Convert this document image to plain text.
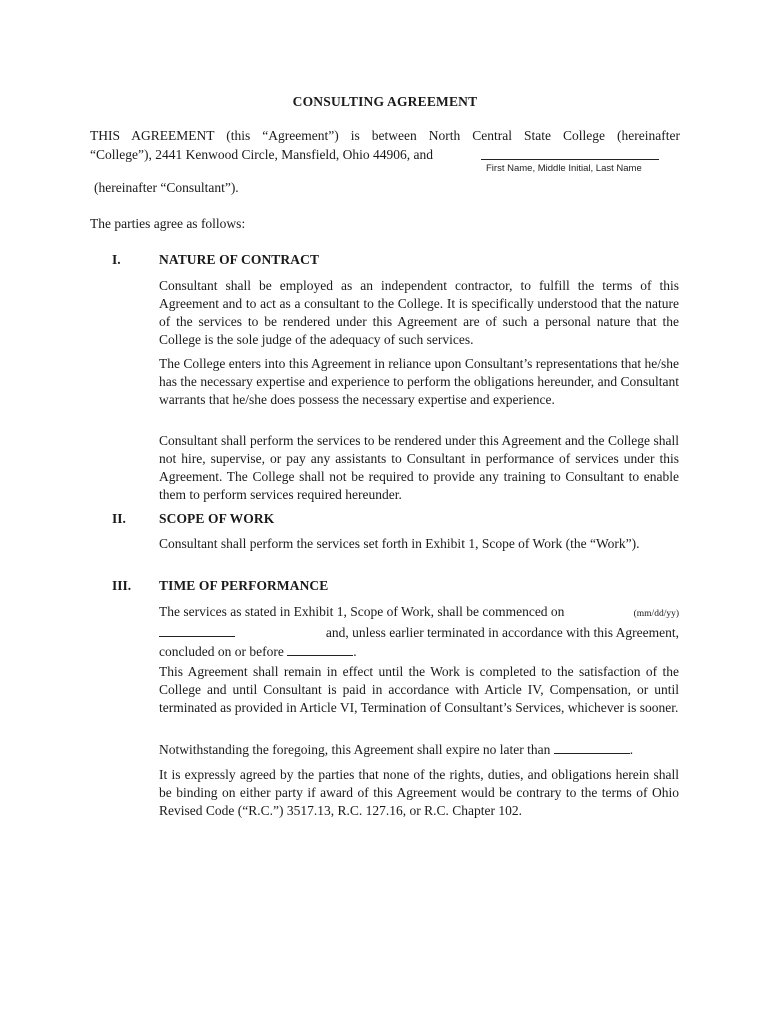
CONSULTING AGREEMENT
THIS AGREEMENT (this “Agreement”) is between North Central State College (hereinafter
“College”), 2441 Kenwood Circle, Mansfield, Ohio 44906, and
First Name, Middle Initial, Last Name
(hereinafter “Consultant”).
The parties agree as follows:
I.	NATURE OF CONTRACT

Consultant shall be employed as an independent contractor, to fulfill the terms of this Agreement and to act as a consultant to the College. It is specifically understood that the nature of the services to be rendered under this Agreement are of such a personal nature that the College is the sole judge of the adequacy of such services.

The College enters into this Agreement in reliance upon Consultant’s representations that he/she has the necessary expertise and experience to perform the obligations hereunder, and Consultant warrants that he/she does possess the necessary expertise and experience.

Consultant shall perform the services to be rendered under this Agreement and the College shall not hire, supervise, or pay any assistants to Consultant in performance of services under this Agreement. The College shall not be required to provide any training to Consultant to enable them to perform services required hereunder.

II. SCOPE OF WORK

Consultant shall perform the services set forth in Exhibit 1, Scope of Work (the “Work”).

III. TIME OF PERFORMANCE
The services as stated in Exhibit 1, Scope of Work, shall be commenced on	(mm/dd/yy)
and, unless earlier terminated in accordance with this Agreement,
concluded on or before	.

This Agreement shall remain in effect until the Work is completed to the satisfaction of the College and until Consultant is paid in accordance with Article IV, Compensation, or until terminated as provided in Article VI, Termination of Consultant’s Services, whichever is sooner.

Notwithstanding the foregoing, this Agreement shall expire no later than	.

It is expressly agreed by the parties that none of the rights, duties, and obligations herein shall be binding on either party if award of this Agreement would be contrary to the terms of Ohio Revised Code (“R.C.”) 3517.13, R.C. 127.16, or R.C. Chapter 102.
